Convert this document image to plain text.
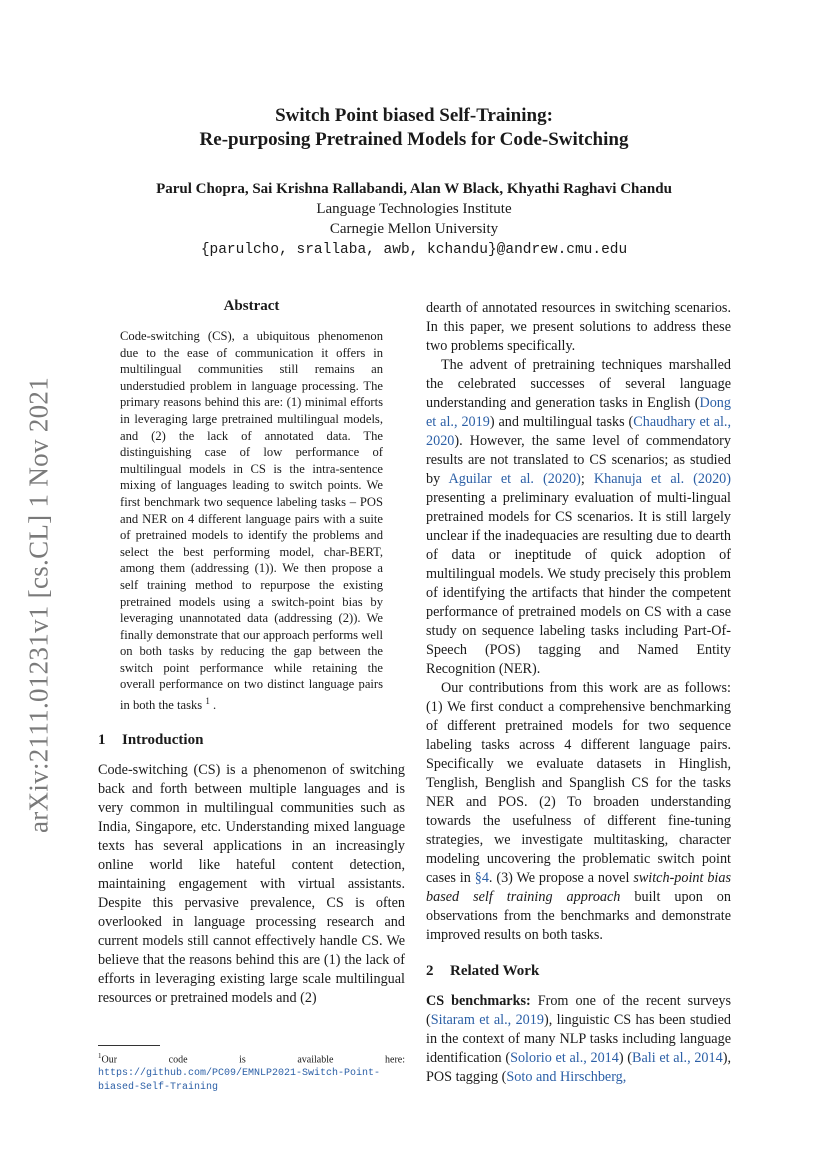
arXiv:2111.01231v1 [cs.CL] 1 Nov 2021
Switch Point biased Self-Training:
Re-purposing Pretrained Models for Code-Switching
Parul Chopra, Sai Krishna Rallabandi, Alan W Black, Khyathi Raghavi Chandu
Language Technologies Institute
Carnegie Mellon University
{parulcho, srallaba, awb, kchandu}@andrew.cmu.edu
Abstract
Code-switching (CS), a ubiquitous phenomenon due to the ease of communication it offers in multilingual communities still remains an understudied problem in language processing. The primary reasons behind this are: (1) minimal efforts in leveraging large pretrained multilingual models, and (2) the lack of annotated data. The distinguishing case of low performance of multilingual models in CS is the intra-sentence mixing of languages leading to switch points. We first benchmark two sequence labeling tasks – POS and NER on 4 different language pairs with a suite of pretrained models to identify the problems and select the best performing model, char-BERT, among them (addressing (1)). We then propose a self training method to repurpose the existing pretrained models using a switch-point bias by leveraging unannotated data (addressing (2)). We finally demonstrate that our approach performs well on both tasks by reducing the gap between the switch point performance while retaining the overall performance on two distinct language pairs in both the tasks $^1$ .
1 Introduction

Code-switching (CS) is a phenomenon of switching back and forth between multiple languages and is very common in multilingual communities such as India, Singapore, etc. Understanding mixed language texts has several applications in an increasingly online world like hateful content detection, maintaining engagement with virtual assistants. Despite this pervasive prevalence, CS is often overlooked in language processing research and current models still cannot effectively handle CS. We believe that the reasons behind this are (1) the lack of efforts in leveraging existing large scale multilingual resources or pretrained models and (2)

dearth of annotated resources in switching scenarios. In this paper, we present solutions to address these two problems specifically.

The advent of pretraining techniques marshalled the celebrated successes of several language understanding and generation tasks in English (Dong et al., 2019) and multilingual tasks (Chaudhary et al., 2020). However, the same level of commendatory results are not translated to CS scenarios; as studied by Aguilar et al. (2020); Khanuja et al. (2020) presenting a preliminary evaluation of multi-lingual pretrained models for CS scenarios. It is still largely unclear if the inadequacies are resulting due to dearth of data or ineptitude of quick adoption of multilingual models. We study precisely this problem of identifying the artifacts that hinder the competent performance of pretrained models on CS with a case study on sequence labeling tasks including Part-Of-Speech (POS) tagging and Named Entity Recognition (NER).

Our contributions from this work are as follows: (1) We first conduct a comprehensive benchmarking of different pretrained models for two sequence labeling tasks across 4 different language pairs. Specifically we evaluate datasets in Hinglish, Tenglish, Benglish and Spanglish CS for the tasks NER and POS. (2) To broaden understanding towards the usefulness of different fine-tuning strategies, we investigate multitasking, character modeling uncovering the problematic switch point cases in §4. (3) We propose a novel switch-point bias based self training approach built upon on observations from the benchmarks and demonstrate improved results on both tasks.

2 Related Work

CS benchmarks: From one of the recent surveys (Sitaram et al., 2019), linguistic CS has been studied in the context of many NLP tasks including language identification (Solorio et al., 2014) (Bali et al., 2014), POS tagging (Soto and Hirschberg,

$^1$Our code is available here: https://github.com/PC09/EMNLP2021-Switch-Point-biased-Self-Training
